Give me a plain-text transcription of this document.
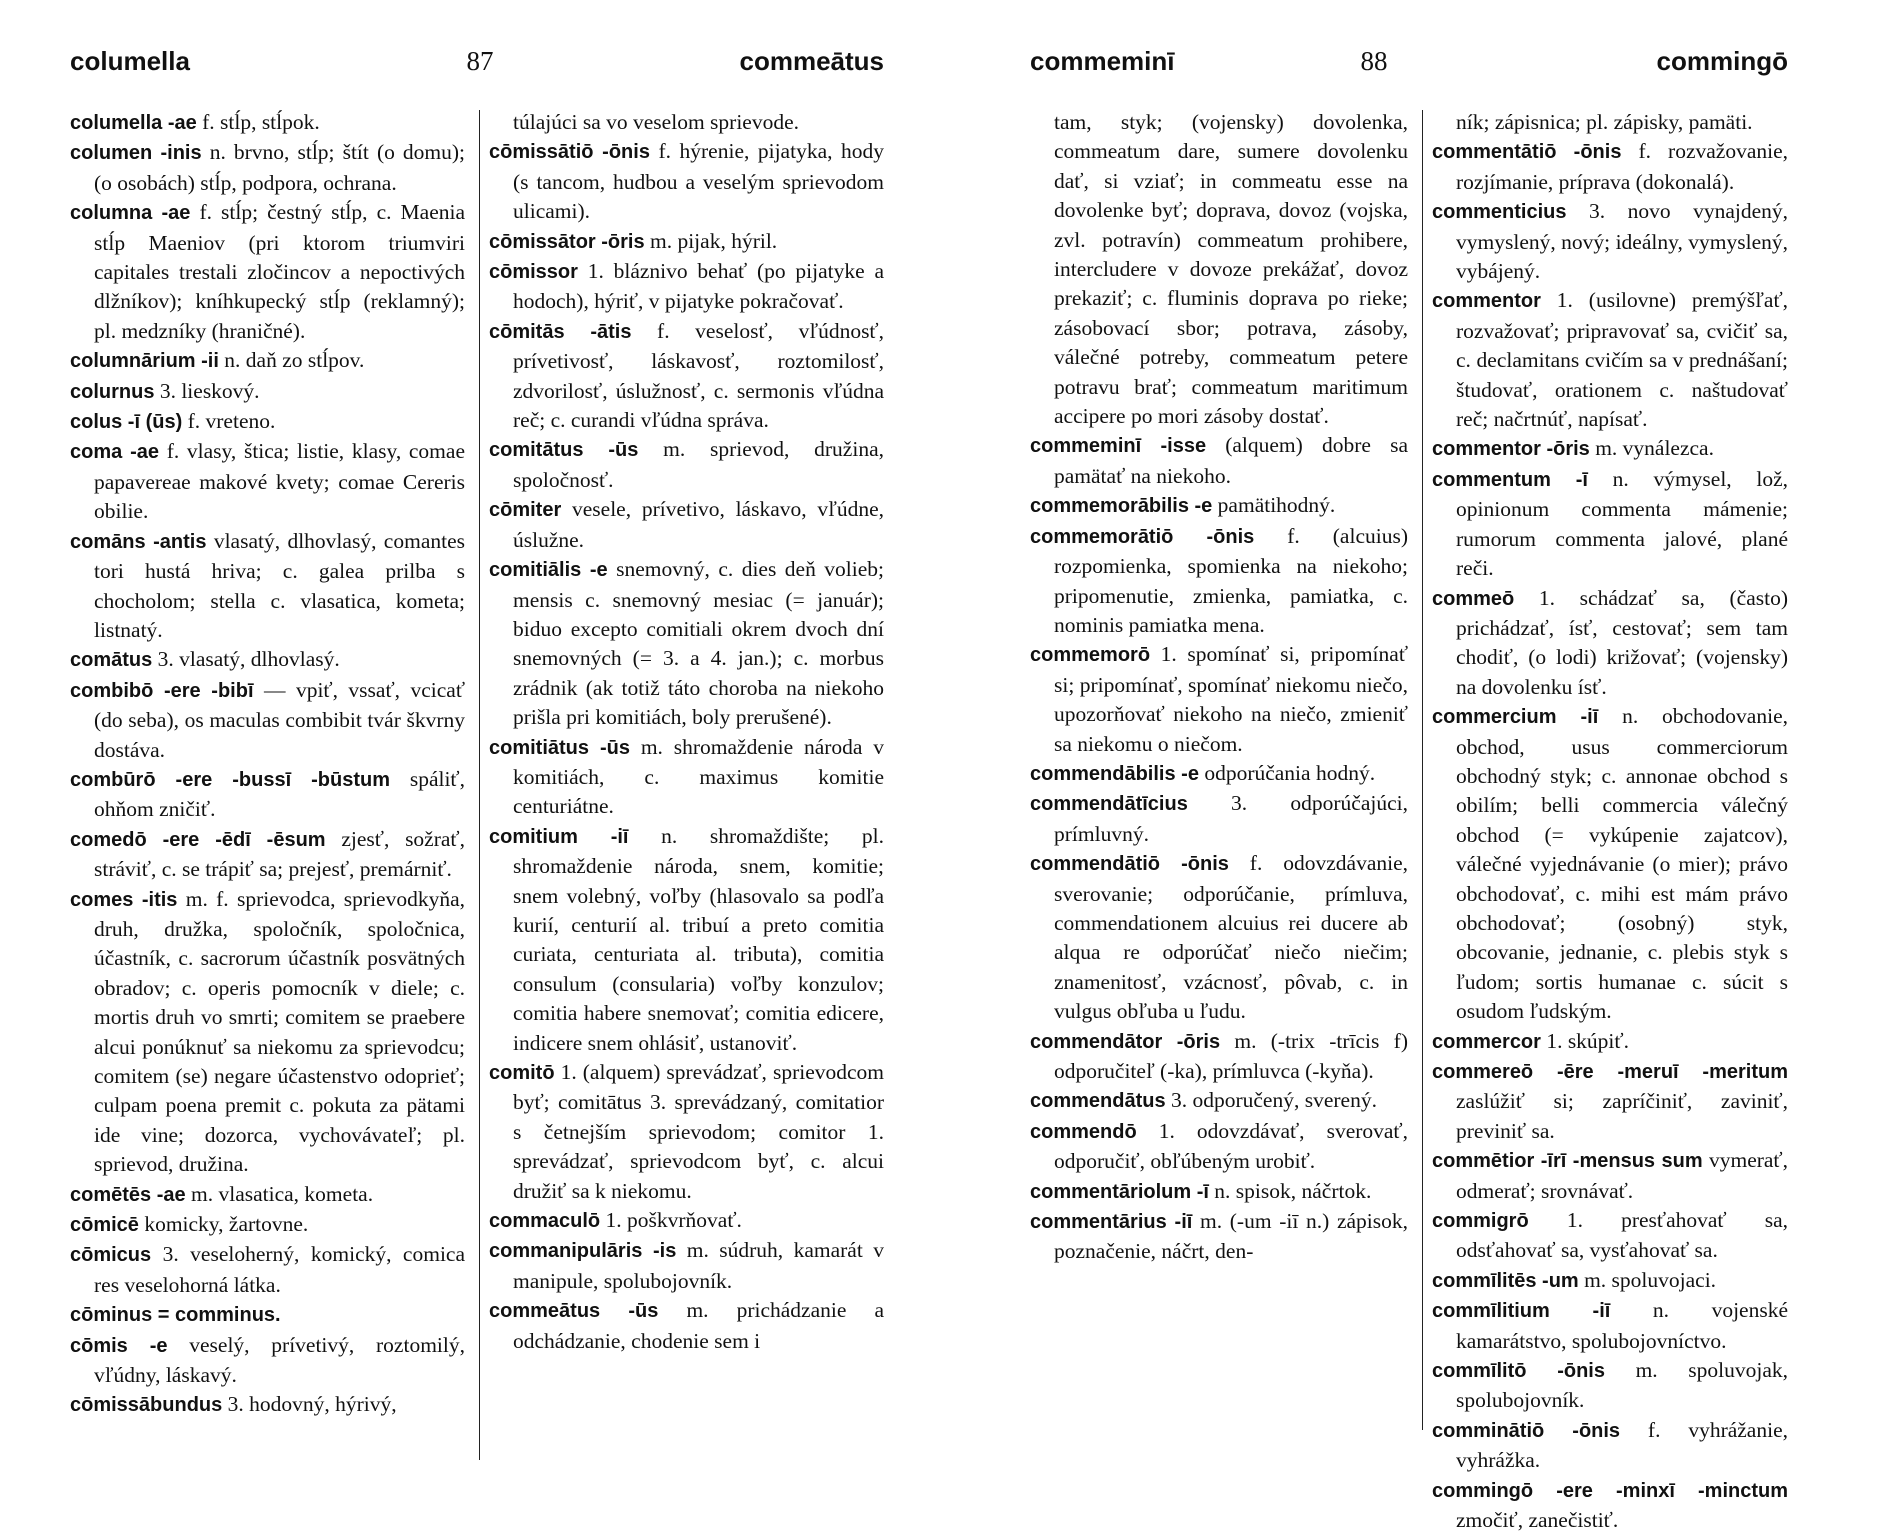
columella	87	commeātus

columella -ae f. stĺp, stĺpok.

columen -inis n. brvno, stĺp; štít (o domu); (o osobách) stĺp, podpora, ochrana.

columna -ae f. stĺp; čestný stĺp, c. Maenia stĺp Maeniov (pri ktorom triumviri capitales trestali zločincov a nepoctivých dlžníkov); kníhkupecký stĺp (reklamný); pl. medzníky (hraničné).

columnārium -ii n. daň zo stĺpov.

colurnus 3. lieskový.

colus -ī (ūs) f. vreteno.

coma -ae f. vlasy, štica; listie, klasy, comae papavereae makové kvety; comae Cereris obilie.

comāns -antis vlasatý, dlhovlasý, comantes tori hustá hriva; c. galea prilba s chocholom; stella c. vlasatica, kometa; listnatý.

comātus 3. vlasatý, dlhovlasý.

combibō -ere -bibī — vpiť, vssať, vcicať (do seba), os maculas combibit tvár škvrny dostáva.

combūrō -ere -bussī -būstum spáliť, ohňom zničiť.

comedō -ere -ēdī -ēsum zjesť, sožrať, stráviť, c. se trápiť sa; prejesť, premárniť.

comes -itis m. f. sprievodca, sprievodkyňa, druh, družka, spoločník, spoločnica, účastník, c. sacrorum účastník posvätných obradov; c. operis pomocník v diele; c. mortis druh vo smrti; comitem se praebere alcui ponúknuť sa niekomu za sprievodcu; comitem (se) negare účastenstvo odoprieť; culpam poena premit c. pokuta za pätami ide vine; dozorca, vychovávateľ; pl. sprievod, družina.

comētēs -ae m. vlasatica, kometa.

cōmicē komicky, žartovne.

cōmicus 3. veseloherný, komický, comica res veselohorná látka.

cōminus = comminus.

cōmis -e veselý, prívetivý, roztomilý, vľúdny, láskavý.

cōmissābundus 3. hodovný, hýrivý,

túlajúci sa vo veselom sprievode.

cōmissātiō -ōnis f. hýrenie, pijatyka, hody (s tancom, hudbou a veselým sprievodom ulicami).

cōmissātor -ōris m. pijak, hýril.

cōmissor 1. bláznivo behať (po pijatyke a hodoch), hýriť, v pijatyke pokračovať.

cōmitās -ātis f. veselosť, vľúdnosť, prívetivosť, láskavosť, roztomilosť, zdvorilosť, úslužnosť, c. sermonis vľúdna reč; c. curandi vľúdna správa.

comitātus -ūs m. sprievod, družina, spoločnosť.

cōmiter vesele, prívetivo, láskavo, vľúdne, úslužne.

comitiālis -e snemovný, c. dies deň volieb; mensis c. snemovný mesiac (= január); biduo excepto comitiali okrem dvoch dní snemovných (= 3. a 4. jan.); c. morbus zrádnik (ak totiž táto choroba na niekoho prišla pri komitiách, boly prerušené).

comitiātus -ūs m. shromaždenie národa v komitiách, c. maximus komitie centuriátne.

comitium -iī n. shromaždište; pl. shromaždenie národa, snem, komitie; snem volebný, voľby (hlasovalo sa podľa kurií, centurií al. tribuí a preto comitia curiata, centuriata al. tributa), comitia consulum (consularia) voľby konzulov; comitia habere snemovať; comitia edicere, indicere snem ohlásiť, ustanoviť.

comitō 1. (alquem) sprevádzať, sprievodcom byť; comitātus 3. sprevádzaný, comitatior s četnejším sprievodom; comitor 1. sprevádzať, sprievodcom byť, c. alcui družiť sa k niekomu.

commaculō 1. poškvrňovať.

commanipulāris -is m. súdruh, kamarát v manipule, spolubojovník.

commeātus -ūs m. prichádzanie a odchádzanie, chodenie sem i

commeminī	88	commingō

tam, styk; (vojensky) dovolenka, commeatum dare, sumere dovolenku dať, si vziať; in commeatu esse na dovolenke byť; doprava, dovoz (vojska, zvl. potravín) commeatum prohibere, intercludere v dovoze prekážať, dovoz prekaziť; c. fluminis doprava po rieke; zásobovací sbor; potrava, zásoby, válečné potreby, commeatum petere potravu brať; commeatum maritimum accipere po mori zásoby dostať.

commeminī -isse (alquem) dobre sa pamätať na niekoho.

commemorābilis -e pamätihodný.

commemorātiō -ōnis f. (alcuius) rozpomienka, spomienka na niekoho; pripomenutie, zmienka, pamiatka, c. nominis pamiatka mena.

commemorō 1. spomínať si, pripomínať si; pripomínať, spomínať niekomu niečo, upozorňovať niekoho na niečo, zmieniť sa niekomu o niečom.

commendābilis -e odporúčania hodný.

commendātīcius 3. odporúčajúci, prímluvný.

commendātiō -ōnis f. odovzdávanie, sverovanie; odporúčanie, prímluva, commendationem alcuius rei ducere ab alqua re odporúčať niečo niečim; znamenitosť, vzácnosť, pôvab, c. in vulgus obľuba u ľudu.

commendātor -ōris m. (-trix -trīcis f) odporučiteľ (-ka), prímluvca (-kyňa).

commendātus 3. odporučený, sverený.

commendō 1. odovzdávať, sverovať, odporučiť, obľúbeným urobiť.

commentāriolum -ī n. spisok, náčrtok.

commentārius -iī m. (-um -iī n.) zápisok, poznačenie, náčrt, den-

ník; zápisnica; pl. zápisky, pamäti.

commentātiō -ōnis f. rozvažovanie, rozjímanie, príprava (dokonalá).

commenticius 3. novo vynajdený, vymyslený, nový; ideálny, vymyslený, vybájený.

commentor 1. (usilovne) premýšľať, rozvažovať; pripravovať sa, cvičiť sa, c. declamitans cvičím sa v prednášaní; študovať, orationem c. naštudovať reč; načrtnúť, napísať.

commentor -ōris m. vynálezca.

commentum -ī n. výmysel, lož, opinionum commenta mámenie; rumorum commenta jalové, plané reči.

commeō 1. schádzať sa, (často) prichádzať, ísť, cestovať; sem tam chodiť, (o lodi) križovať; (vojensky) na dovolenku ísť.

commercium -iī n. obchodovanie, obchod, usus commerciorum obchodný styk; c. annonae obchod s obilím; belli commercia válečný obchod (= vykúpenie zajatcov), válečné vyjednávanie (o mier); právo obchodovať, c. mihi est mám právo obchodovať; (osobný) styk, obcovanie, jednanie, c. plebis styk s ľudom; sortis humanae c. súcit s osudom ľudským.

commercor 1. skúpiť.

commereō -ēre -meruī -meritum zaslúžiť si; zapríčiniť, zaviniť, previniť sa.

commētior -īrī -mensus sum vymerať, odmerať; srovnávať.

commigrō 1. presťahovať sa, odsťahovať sa, vysťahovať sa.

commīlitēs -um m. spoluvojaci.

commīlitium -iī n. vojenské kamarátstvo, spolubojovníctvo.

commīlitō -ōnis m. spoluvojak, spolubojovník.

comminātiō -ōnis f. vyhrážanie, vyhrážka.

commingō -ere -minxī -minctum zmočiť, zanečistiť.
